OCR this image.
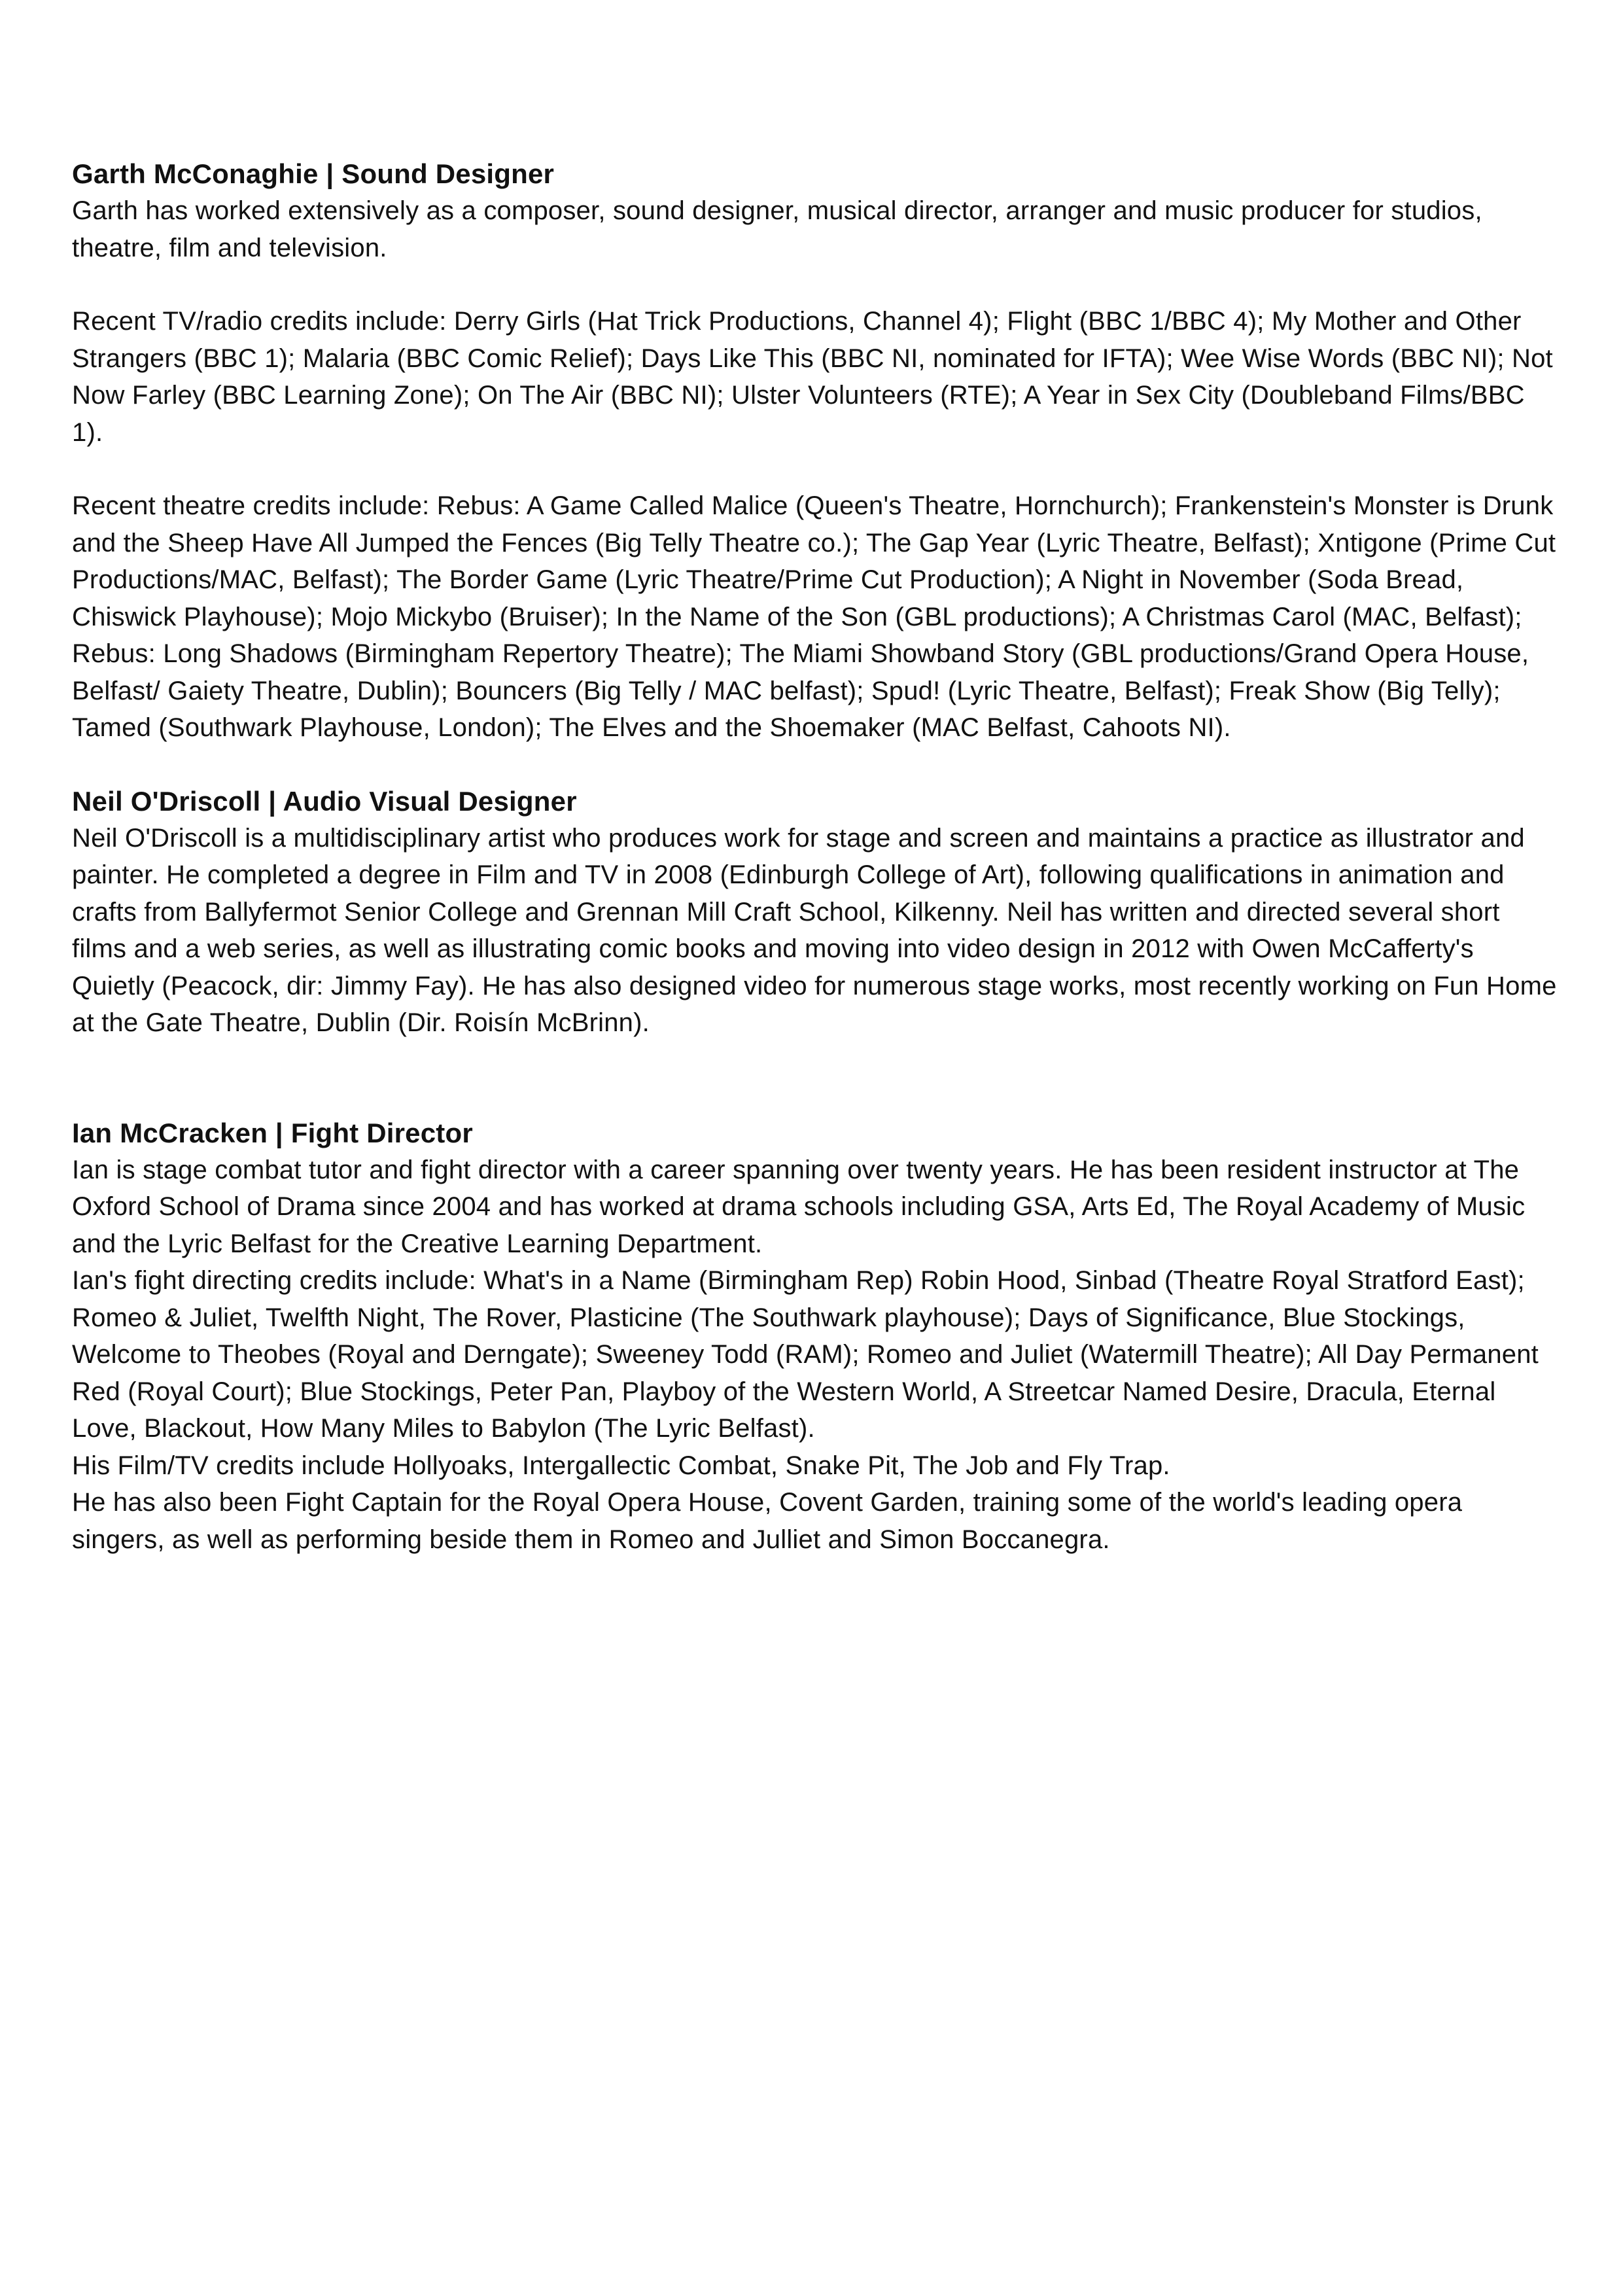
Garth McConaghie | Sound Designer

Garth has worked extensively as a composer, sound designer, musical director, arranger and music producer for studios, theatre, film and television.

Recent TV/radio credits include: Derry Girls (Hat Trick Productions, Channel 4); Flight (BBC 1/BBC 4); My Mother and Other Strangers (BBC 1); Malaria (BBC Comic Relief); Days Like This (BBC NI, nominated for IFTA); Wee Wise Words (BBC NI); Not Now Farley (BBC Learning Zone); On The Air (BBC NI); Ulster Volunteers (RTE); A Year in Sex City (Doubleband Films/BBC 1).

Recent theatre credits include: Rebus: A Game Called Malice (Queen's Theatre, Hornchurch); Frankenstein's Monster is Drunk and the Sheep Have All Jumped the Fences (Big Telly Theatre co.); The Gap Year (Lyric Theatre, Belfast); Xntigone (Prime Cut Productions/MAC, Belfast); The Border Game (Lyric Theatre/Prime Cut Production); A Night in November (Soda Bread, Chiswick Playhouse); Mojo Mickybo (Bruiser); In the Name of the Son (GBL productions); A Christmas Carol (MAC, Belfast); Rebus: Long Shadows (Birmingham Repertory Theatre); The Miami Showband Story (GBL productions/Grand Opera House, Belfast/ Gaiety Theatre, Dublin); Bouncers (Big Telly / MAC belfast); Spud! (Lyric Theatre, Belfast); Freak Show (Big Telly); Tamed (Southwark Playhouse, London); The Elves and the Shoemaker (MAC Belfast, Cahoots NI).

Neil O'Driscoll | Audio Visual Designer

Neil O'Driscoll is a multidisciplinary artist who produces work for stage and screen and maintains a practice as illustrator and painter. He completed a degree in Film and TV in 2008 (Edinburgh College of Art), following qualifications in animation and crafts from Ballyfermot Senior College and Grennan Mill Craft School, Kilkenny. Neil has written and directed several short films and a web series, as well as illustrating comic books and moving into video design in 2012 with Owen McCafferty's Quietly (Peacock, dir: Jimmy Fay). He has also designed video for numerous stage works, most recently working on Fun Home at the Gate Theatre, Dublin (Dir. Roisín McBrinn).

Ian McCracken | Fight Director

Ian is stage combat tutor and fight director with a career spanning over twenty years. He has been resident instructor at The Oxford School of Drama since 2004 and has worked at drama schools including GSA, Arts Ed, The Royal Academy of Music and the Lyric Belfast for the Creative Learning Department.

Ian's fight directing credits include: What's in a Name (Birmingham Rep) Robin Hood, Sinbad (Theatre Royal Stratford East); Romeo & Juliet, Twelfth Night, The Rover, Plasticine (The Southwark playhouse); Days of Significance, Blue Stockings, Welcome to Theobes (Royal and Derngate); Sweeney Todd (RAM); Romeo and Juliet (Watermill Theatre); All Day Permanent Red (Royal Court); Blue Stockings, Peter Pan, Playboy of the Western World, A Streetcar Named Desire, Dracula, Eternal Love, Blackout, How Many Miles to Babylon (The Lyric Belfast).

His Film/TV credits include Hollyoaks, Intergallectic Combat, Snake Pit, The Job and Fly Trap.

He has also been Fight Captain for the Royal Opera House, Covent Garden, training some of the world's leading opera singers, as well as performing beside them in Romeo and Julliet and Simon Boccanegra.
